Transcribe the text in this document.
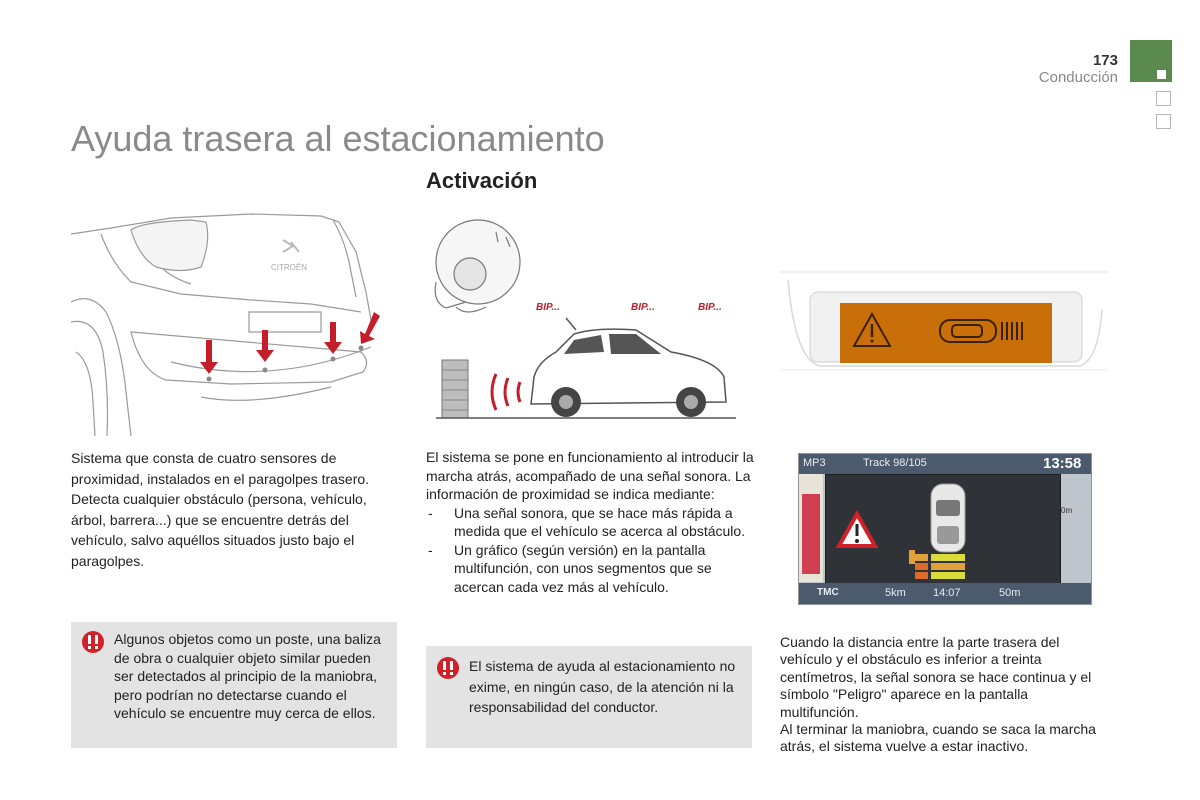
173
Conducción
Ayuda trasera al estacionamiento
Activación
CITROËN
BIP...	BIP...	BIP...
MP3	Track 98/105	13:58
0m
TMC	5km 14:07	50m
Sistema que consta de cuatro sensores de proximidad, instalados en el paragolpes trasero. Detecta cualquier obstáculo (persona, vehículo, árbol, barrera...) que se encuentre detrás del vehículo, salvo aquéllos situados justo bajo el paragolpes.
Algunos objetos como un poste, una baliza de obra o cualquier objeto similar pueden ser detectados al principio de la maniobra, pero podrían no detectarse cuando el vehículo se encuentre muy cerca de ellos.

El sistema se pone en funcionamiento al introducir la marcha atrás, acompañado de una señal sonora. La información de proximidad se indica mediante:

- Una señal sonora, que se hace más rápida a medida que el vehículo se acerca al obstáculo.
- Un gráfico (según versión) en la pantalla multifunción, con unos segmentos que se acercan cada vez más al vehículo.
El sistema de ayuda al estacionamiento no exime, en ningún caso, de la atención ni la responsabilidad del conductor.

Cuando la distancia entre la parte trasera del vehículo y el obstáculo es inferior a treinta centímetros, la señal sonora se hace continua y el símbolo "Peligro" aparece en la pantalla multifunción.

Al terminar la maniobra, cuando se saca la marcha atrás, el sistema vuelve a estar inactivo.
